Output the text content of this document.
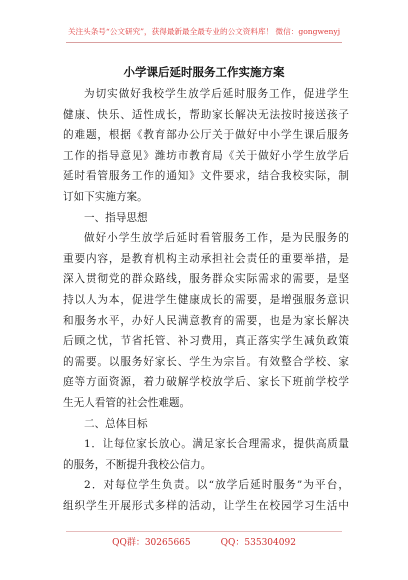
关注头条号“公文研究”，获得最新最全最专业的公文资料库！ 微信：gongwenyj
小学课后延时服务工作实施方案
为切实做好我校学生放学后延时服务工作，促进学生
健康、快乐、适性成长，帮助家长解决无法按时接送孩子
的难题，根据《教育部办公厅关于做好中小学生课后服务
工作的指导意见》潍坊市教育局《关于做好小学生放学后
延时看管服务工作的通知》文件要求，结合我校实际，制
订如下实施方案。
一、指导思想
做好小学生放学后延时看管服务工作，是为民服务的
重要内容，是教育机构主动承担社会责任的重要举措，是
深入贯彻党的群众路线，服务群众实际需求的需要，是坚
持以人为本，促进学生健康成长的需要，是增强服务意识
和服务水平，办好人民满意教育的需要，也是为家长解决
后顾之忧，节省托管、补习费用，真正落实学生减负政策
的需要。以服务好家长、学生为宗旨。有效整合学校、家
庭等方面资源，着力破解学校放学后、家长下班前学校学
生无人看管的社会性难题。
二、总体目标
1．让每位家长放心。满足家长合理需求，提供高质量
的服务，不断提升我校公信力。
2．对每位学生负责。以“放学后延时服务”为平台，
组织学生开展形式多样的活动，让学生在校园学习生活中
QQ群：30265665	QQ：535304092
